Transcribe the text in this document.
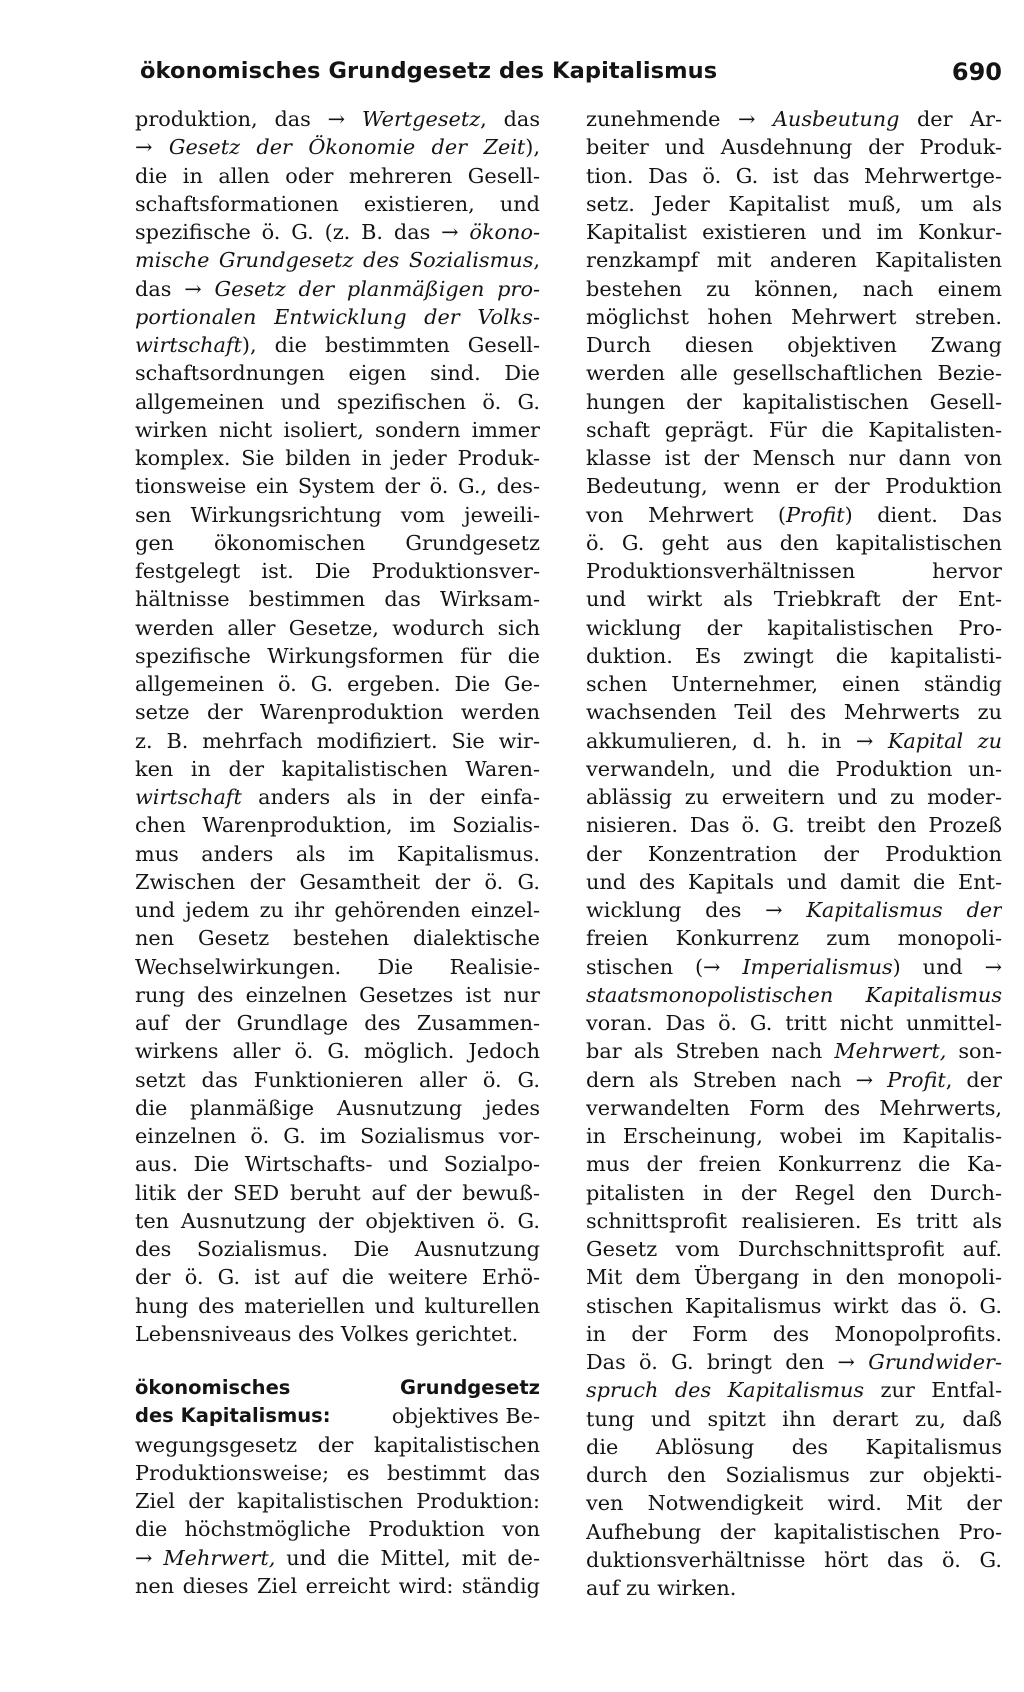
ökonomisches Grundgesetz des Kapitalismus	690
produktion, das → Wertgesetz, das
→ Gesetz der Ökonomie der Zeit),
die in allen oder mehreren Gesell-
schaftsformationen existieren, und
spezifische ö. G. (z. B. das → ökono-
mische Grundgesetz des Sozialismus,
das → Gesetz der planmäßigen pro-
portionalen Entwicklung der Volks-
wirtschaft), die bestimmten Gesell-
schaftsordnungen eigen sind. Die
allgemeinen und spezifischen ö. G.
wirken nicht isoliert, sondern immer
komplex. Sie bilden in jeder Produk-
tionsweise ein System der ö. G., des-
sen Wirkungsrichtung vom jeweili-
gen ökonomischen Grundgesetz
festgelegt ist. Die Produktionsver-
hältnisse bestimmen das Wirksam-
werden aller Gesetze, wodurch sich
spezifische Wirkungsformen für die
allgemeinen ö. G. ergeben. Die Ge-
setze der Warenproduktion werden
z. B. mehrfach modifiziert. Sie wir-
ken in der kapitalistischen Waren-
wirtschaft anders als in der einfa-
chen Warenproduktion, im Sozialis-
mus anders als im Kapitalismus.
Zwischen der Gesamtheit der ö. G.
und jedem zu ihr gehörenden einzel-
nen Gesetz bestehen dialektische
Wechselwirkungen. Die Realisie-
rung des einzelnen Gesetzes ist nur
auf der Grundlage des Zusammen-
wirkens aller ö. G. möglich. Jedoch
setzt das Funktionieren aller ö. G.
die planmäßige Ausnutzung jedes
einzelnen ö. G. im Sozialismus vor-
aus. Die Wirtschafts- und Sozialpo-
litik der SED beruht auf der bewuß-
ten Ausnutzung der objektiven ö. G.
des Sozialismus. Die Ausnutzung
der ö. G. ist auf die weitere Erhö-
hung des materiellen und kulturellen
Lebensniveaus des Volkes gerichtet.
ökonomisches Grundgesetz
des Kapitalismus:	objektives Be-
wegungsgesetz der kapitalistischen
Produktionsweise; es bestimmt das
Ziel der kapitalistischen Produktion:
die höchstmögliche Produktion von
→ Mehrwert, und die Mittel, mit de-
nen dieses Ziel erreicht wird: ständig
zunehmende → Ausbeutung der Ar-
beiter und Ausdehnung der Produk-
tion. Das ö. G. ist das Mehrwertge-
setz. Jeder Kapitalist muß, um als
Kapitalist existieren und im Konkur-
renzkampf mit anderen Kapitalisten
bestehen zu können, nach einem
möglichst hohen Mehrwert streben.
Durch diesen objektiven Zwang
werden alle gesellschaftlichen Bezie-
hungen der kapitalistischen Gesell-
schaft geprägt. Für die Kapitalisten-
klasse ist der Mensch nur dann von
Bedeutung, wenn er der Produktion
von Mehrwert (Profit) dient. Das
ö. G. geht aus den kapitalistischen
Produktionsverhältnissen hervor
und wirkt als Triebkraft der Ent-
wicklung der kapitalistischen Pro-
duktion. Es zwingt die kapitalisti-
schen Unternehmer, einen ständig
wachsenden Teil des Mehrwerts zu
akkumulieren, d. h. in → Kapital zu
verwandeln, und die Produktion un-
ablässig zu erweitern und zu moder-
nisieren. Das ö. G. treibt den Prozeß
der Konzentration der Produktion
und des Kapitals und damit die Ent-
wicklung des → Kapitalismus der
freien Konkurrenz zum monopoli-
stischen (→ Imperialismus) und →
staatsmonopolistischen Kapitalismus
voran. Das ö. G. tritt nicht unmittel-
bar als Streben nach Mehrwert, son-
dern als Streben nach → Profit, der
verwandelten Form des Mehrwerts,
in Erscheinung, wobei im Kapitalis-
mus der freien Konkurrenz die Ka-
pitalisten in der Regel den Durch-
schnittsprofit realisieren. Es tritt als
Gesetz vom Durchschnittsprofit auf.
Mit dem Übergang in den monopoli-
stischen Kapitalismus wirkt das ö. G.
in der Form des Monopolprofits.
Das ö. G. bringt den → Grundwider-
spruch des Kapitalismus zur Entfal-
tung und spitzt ihn derart zu, daß
die Ablösung des Kapitalismus
durch den Sozialismus zur objekti-
ven Notwendigkeit wird. Mit der
Aufhebung der kapitalistischen Pro-
duktionsverhältnisse hört das ö. G.
auf zu wirken.
